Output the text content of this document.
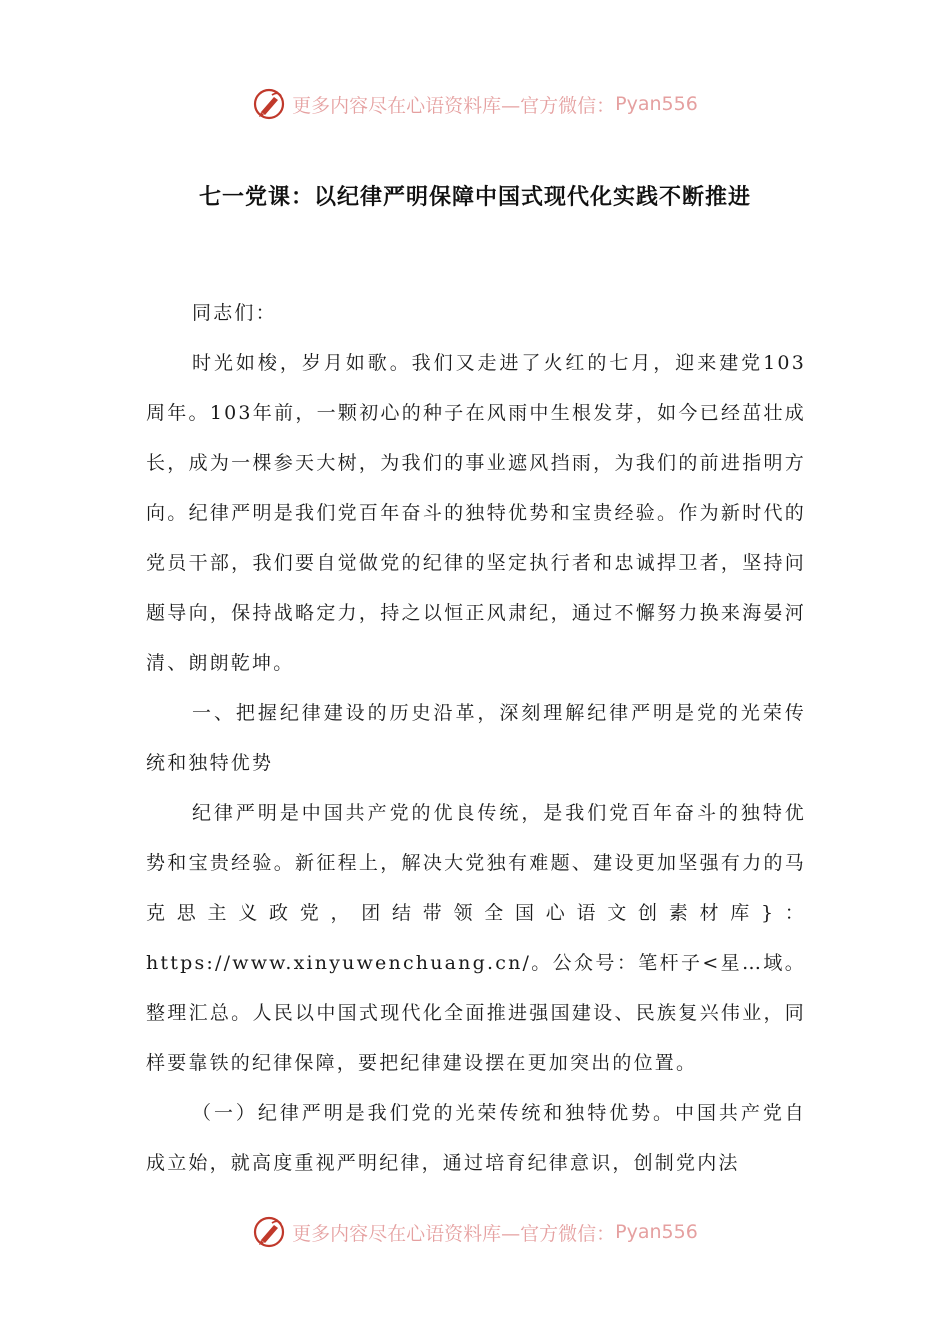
更多内容尽在心语资料库—官方微信： Pyan556
七一党课：以纪律严明保障中国式现代化实践不断推进

同志们：

时光如梭，岁月如歌。我们又走进了火红的七月，迎来建党103周年。103年前，一颗初心的种子在风雨中生根发芽，如今已经茁壮成长，成为一棵参天大树，为我们的事业遮风挡雨，为我们的前进指明方向。纪律严明是我们党百年奋斗的独特优势和宝贵经验。作为新时代的党员干部，我们要自觉做党的纪律的坚定执行者和忠诚捍卫者，坚持问题导向，保持战略定力，持之以恒正风肃纪，通过不懈努力换来海晏河清、朗朗乾坤。

一、把握纪律建设的历史沿革，深刻理解纪律严明是党的光荣传统和独特优势

纪律严明是中国共产党的优良传统，是我们党百年奋斗的独特优势和宝贵经验。新征程上，解决大党独有难题、建设更加坚强有力的马克思主义政党，团结带领全国心语文创素材库}：https://www.xinyuwenchuang.cn/。公众号：笔杆子<星…域。整理汇总。人民以中国式现代化全面推进强国建设、民族复兴伟业，同样要靠铁的纪律保障，要把纪律建设摆在更加突出的位置。

（一）纪律严明是我们党的光荣传统和独特优势。中国共产党自成立始，就高度重视严明纪律，通过培育纪律意识，创制党内法

更多内容尽在心语资料库—官方微信： Pyan556
